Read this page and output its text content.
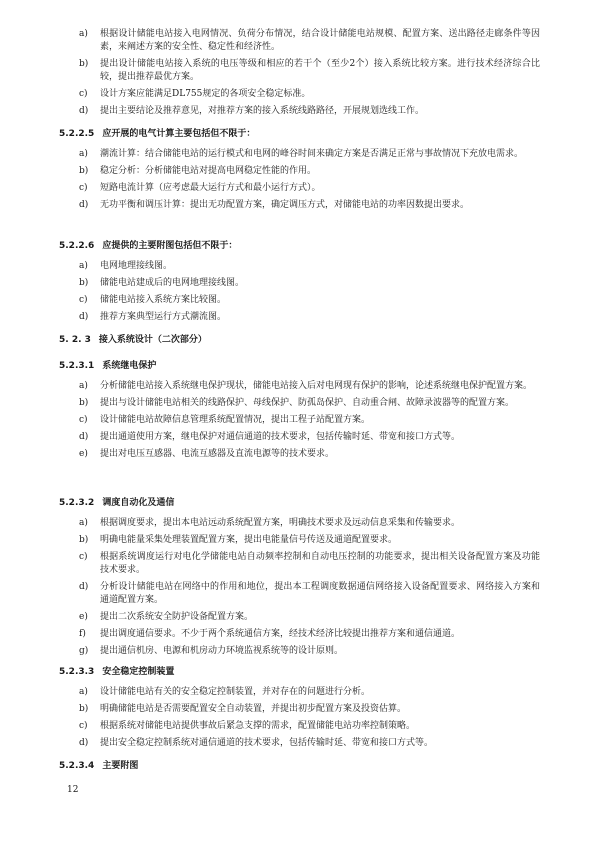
a) 根据设计储能电站接入电网情况、负荷分布情况，结合设计储能电站规模、配置方案、送出路径走廊条件等因素，来阐述方案的安全性、稳定性和经济性。
b) 提出设计储能电站接入系统的电压等级和相应的若干个（至少2个）接入系统比较方案。进行技术经济综合比较，提出推荐最优方案。
c) 设计方案应能满足DL755规定的各项安全稳定标准。
d) 提出主要结论及推荐意见，对推荐方案的接入系统线路路径，开展规划选线工作。
5.2.2.5 应开展的电气计算主要包括但不限于：
a) 潮流计算：结合储能电站的运行模式和电网的峰谷时间来确定方案是否满足正常与事故情况下充放电需求。
b) 稳定分析：分析储能电站对提高电网稳定性能的作用。
c) 短路电流计算（应考虑最大运行方式和最小运行方式）。
d) 无功平衡和调压计算：提出无功配置方案，确定调压方式，对储能电站的功率因数提出要求。
5.2.2.6 应提供的主要附图包括但不限于：
a) 电网地理接线图。
b) 储能电站建成后的电网地理接线图。
c) 储能电站接入系统方案比较图。
d) 推荐方案典型运行方式潮流图。
5. 2. 3 接入系统设计（二次部分）
5.2.3.1 系统继电保护
a) 分析储能电站接入系统继电保护现状，储能电站接入后对电网现有保护的影响，论述系统继电保护配置方案。
b) 提出与设计储能电站相关的线路保护、母线保护、防孤岛保护、自动重合闸、故障录波器等的配置方案。
c) 设计储能电站故障信息管理系统配置情况，提出工程子站配置方案。
d) 提出通道使用方案，继电保护对通信通道的技术要求，包括传输时延、带宽和接口方式等。
e) 提出对电压互感器、电流互感器及直流电源等的技术要求。
5.2.3.2 调度自动化及通信
a) 根据调度要求，提出本电站远动系统配置方案，明确技术要求及远动信息采集和传输要求。
b) 明确电能量采集处理装置配置方案，提出电能量信号传送及通道配置要求。
c) 根据系统调度运行对电化学储能电站自动频率控制和自动电压控制的功能要求，提出相关设备配置方案及功能技术要求。
d) 分析设计储能电站在网络中的作用和地位，提出本工程调度数据通信网络接入设备配置要求、网络接入方案和通道配置方案。
e) 提出二次系统安全防护设备配置方案。
f) 提出调度通信要求。不少于两个系统通信方案，经技术经济比较提出推荐方案和通信通道。
g) 提出通信机房、电源和机房动力环境监视系统等的设计原则。
5.2.3.3 安全稳定控制装置
a) 设计储能电站有关的安全稳定控制装置，并对存在的问题进行分析。
b) 明确储能电站是否需要配置安全自动装置，并提出初步配置方案及投资估算。
c) 根据系统对储能电站提供事故后紧急支撑的需求，配置储能电站功率控制策略。
d) 提出安全稳定控制系统对通信通道的技术要求，包括传输时延、带宽和接口方式等。
5.2.3.4 主要附图
12
